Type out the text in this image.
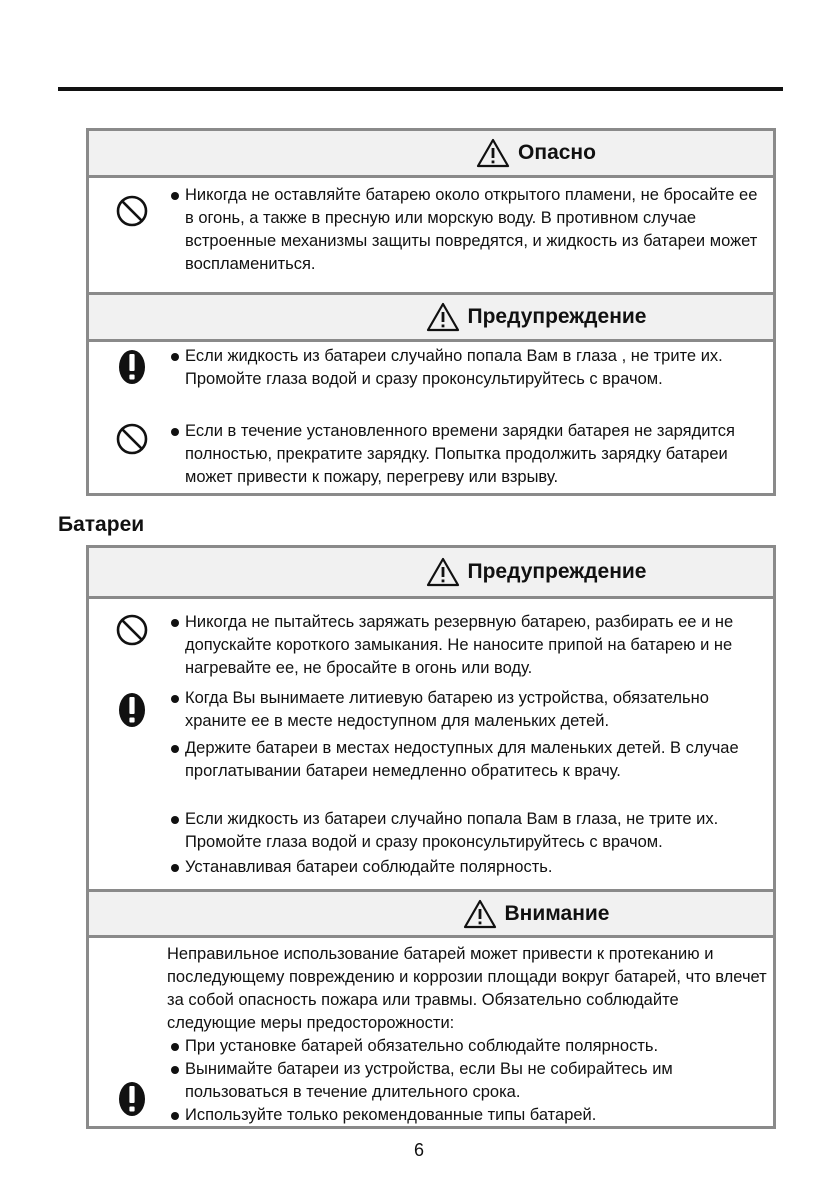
Опасно
Никогда не оставляйте батарею около открытого пламени, не бросайте ее в огонь, а также в пресную или морскую воду. В противном случае встроенные механизмы защиты повредятся, и жидкость из батареи может воспламениться.
Предупреждение
Если жидкость из батареи случайно попала Вам в глаза , не трите их. Промойте глаза водой и сразу проконсультируйтесь с врачом.
Если в течение установленного времени зарядки батарея не зарядится полностью, прекратите зарядку. Попытка продолжить зарядку батареи может привести к пожару, перегреву или взрыву.
Батареи
Предупреждение
Никогда не пытайтесь заряжать резервную батарею, разбирать ее и не допускайте короткого замыкания. Не наносите припой на батарею и не нагревайте ее, не бросайте в огонь или воду.
Когда Вы вынимаете литиевую батарею из устройства, обязательно храните ее в месте недоступном для маленьких детей.
Держите батареи в местах недоступных для маленьких детей. В случае проглатывании батареи немедленно обратитесь к врачу.
Если жидкость из батареи случайно попала Вам в глаза, не трите их. Промойте глаза водой и сразу проконсультируйтесь с врачом.
Устанавливая батареи соблюдайте полярность.
Внимание
Неправильное использование батарей может привести к протеканию и последующему повреждению и коррозии площади вокруг батарей, что влечет за собой опасность пожара или травмы. Обязательно соблюдайте следующие меры предосторожности:
При установке батарей обязательно соблюдайте полярность.
Вынимайте батареи из устройства, если Вы не собирайтесь им пользоваться в течение длительного срока.
Используйте только рекомендованные типы батарей.
6
